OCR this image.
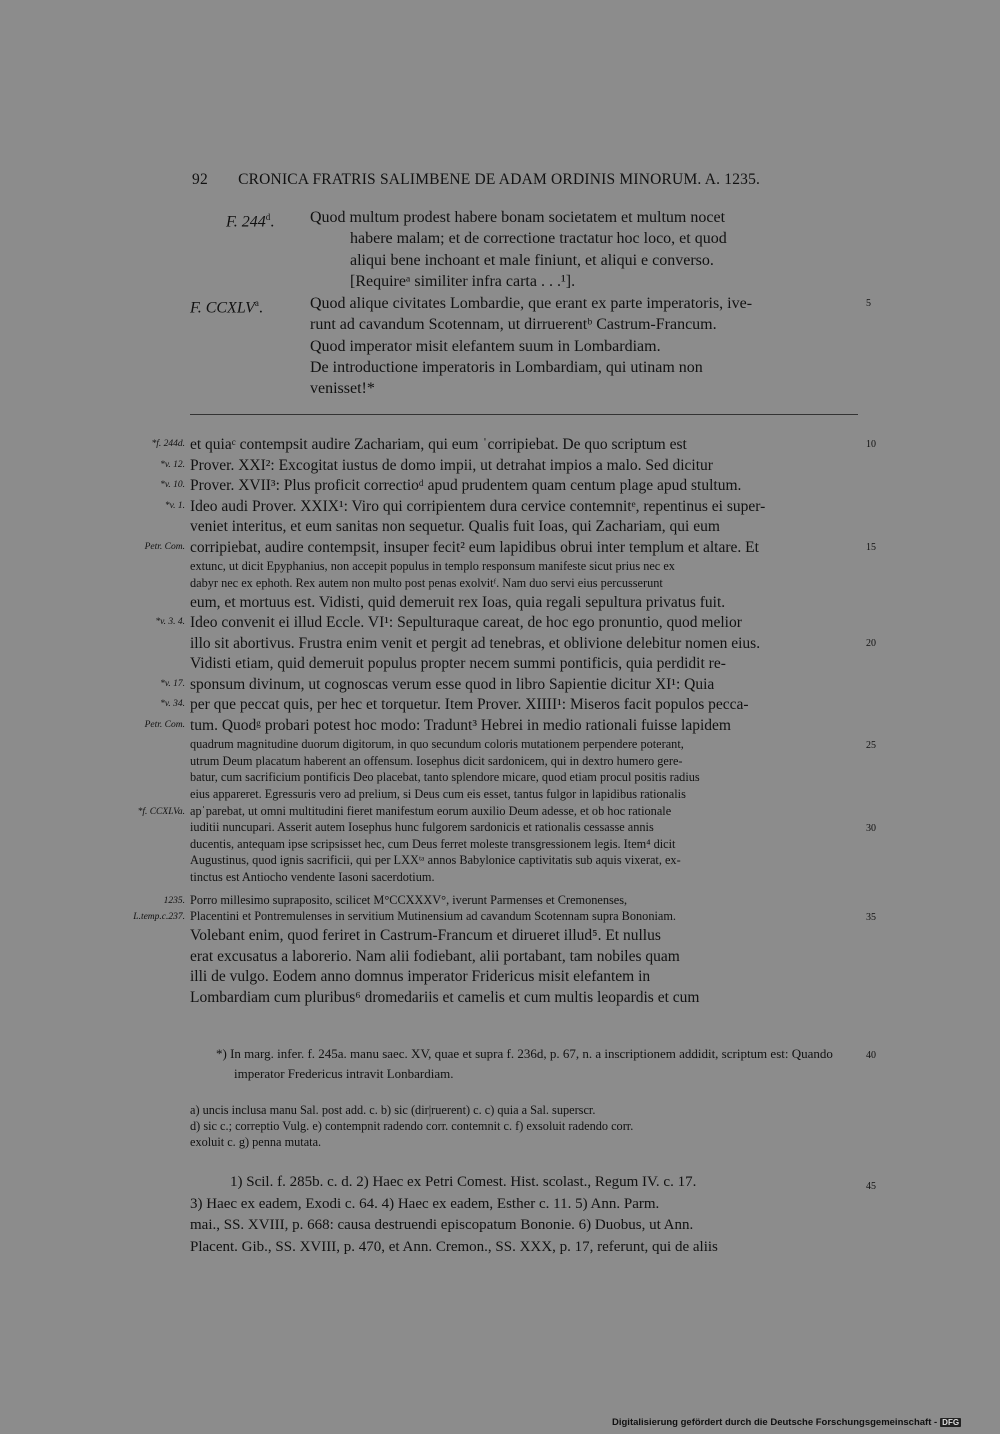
92 CRONICA FRATRIS SALIMBENE DE ADAM ORDINIS MINORUM. A. 1235.
F. 244$^d$.	Quod multum prodest habere bonam societatem et multum nocet
habere malam; et de correctione tractatur hoc loco, et quod
aliqui bene inchoant et male finiunt, et aliqui e converso.
[Requireᵃ similiter infra carta . . .¹].
F. CCXLV$^a$.	Quod alique civitates Lombardie, que erant ex parte imperatoris, ive-
runt ad cavandum Scotennam, ut dirruerentᵇ Castrum-Francum.
Quod imperator misit elefantem suum in Lombardiam.
De introductione imperatoris in Lombardiam, qui utinam non
venisset!*
5
et quiaᶜ contempsit audire Zachariam, qui eum ˈcorripiebat. De quo scriptum est
*f. 244d.	10
Prover. XXI²: Excogitat iustus de domo impii, ut detrahat impios a malo. Sed dicitur
*v. 12.
Prover. XVII³: Plus proficit correctioᵈ apud prudentem quam centum plage apud stultum.
*v. 10.
Ideo audi Prover. XXIX¹: Viro qui corripientem dura cervice contemnitᵉ, repentinus ei super-
*v. 1.
veniet interitus, et eum sanitas non sequetur. Qualis fuit Ioas, qui Zachariam, qui eum
corripiebat, audire contempsit, insuper fecit² eum lapidibus obrui inter templum et altare. Et
Petr. Com.	15
extunc, ut dicit Epyphanius, non accepit populus in templo responsum manifeste sicut prius nec ex
dabyr nec ex ephoth. Rex autem non multo post penas exolvitᶠ. Nam duo servi eius percusserunt
eum, et mortuus est. Vidisti, quid demeruit rex Ioas, quia regali sepultura privatus fuit.
Ideo convenit ei illud Eccle. VI¹: Sepulturaque careat, de hoc ego pronuntio, quod melior
*v. 3. 4.
illo sit abortivus. Frustra enim venit et pergit ad tenebras, et oblivione delebitur nomen eius.	20
Vidisti etiam, quid demeruit populus propter necem summi pontificis, quia perdidit re-
sponsum divinum, ut cognoscas verum esse quod in libro Sapientie dicitur XI¹: Quia
*v. 17.
per que peccat quis, per hec et torquetur. Item Prover. XIIII¹: Miseros facit populos pecca-
*v. 34.
tum. Quodᵍ probari potest hoc modo: Tradunt³ Hebrei in medio rationali fuisse lapidem
Petr. Com.
quadrum magnitudine duorum digitorum, in quo secundum coloris mutationem perpendere poterant,	25
utrum Deum placatum haberent an offensum. Iosephus dicit sardonicem, qui in dextro humero gere-
batur, cum sacrificium pontificis Deo placebat, tanto splendore micare, quod etiam procul positis radius
eius appareret. Egressuris vero ad prelium, si Deus cum eis esset, tantus fulgor in lapidibus rationalis
apˈparebat, ut omni multitudini fieret manifestum eorum auxilio Deum adesse, et ob hoc rationale
*f. CCXLVa.
iuditii nuncupari. Asserit autem Iosephus hunc fulgorem sardonicis et rationalis cessasse annis	30
ducentis, antequam ipse scripsisset hec, cum Deus ferret moleste transgressionem legis. Item⁴ dicit
Augustinus, quod ignis sacrificii, qui per LXXᵗᵃ annos Babylonice captivitatis sub aquis vixerat, ex-
tinctus est Antiocho vendente Iasoni sacerdotium.
Porro millesimo supraposito, scilicet M°CCXXXV°, iverunt Parmenses et Cremonenses,
1235.
Placentini et Pontremulenses in servitium Mutinensium ad cavandum Scotennam supra Bononiam.
L.temp.c.237.	35
Volebant enim, quod feriret in Castrum-Francum et dirueret illud⁵. Et nullus
erat excusatus a laborerio. Nam alii fodiebant, alii portabant, tam nobiles quam
illi de vulgo. Eodem anno domnus imperator Fridericus misit elefantem in
Lombardiam cum pluribus⁶ dromedariis et camelis et cum multis leopardis et cum
*) In marg. infer. f. 245a. manu saec. XV, quae et supra f. 236d, p. 67, n. a inscriptionem addidit, scriptum est: Quando imperator Fredericus intravit Lonbardiam.
40
a) uncis inclusa manu Sal. post add. c. b) sic (dir|ruerent) c. c) quia a Sal. superscr.
d) sic c.; correptio Vulg. e) contempnit radendo corr. contemnit c. f) exsoluit radendo corr.
exoluit c. g) penna mutata.
1) Scil. f. 285b. c. d. 2) Haec ex Petri Comest. Hist. scolast., Regum IV. c. 17.
3) Haec ex eadem, Exodi c. 64. 4) Haec ex eadem, Esther c. 11. 5) Ann. Parm.
mai., SS. XVIII, p. 668: causa destruendi episcopatum Bononie. 6) Duobus, ut Ann.
Placent. Gib., SS. XVIII, p. 470, et Ann. Cremon., SS. XXX, p. 17, referunt, qui de aliis
45
Digitalisierung gefördert durch die Deutsche Forschungsgemeinschaft - DFG
